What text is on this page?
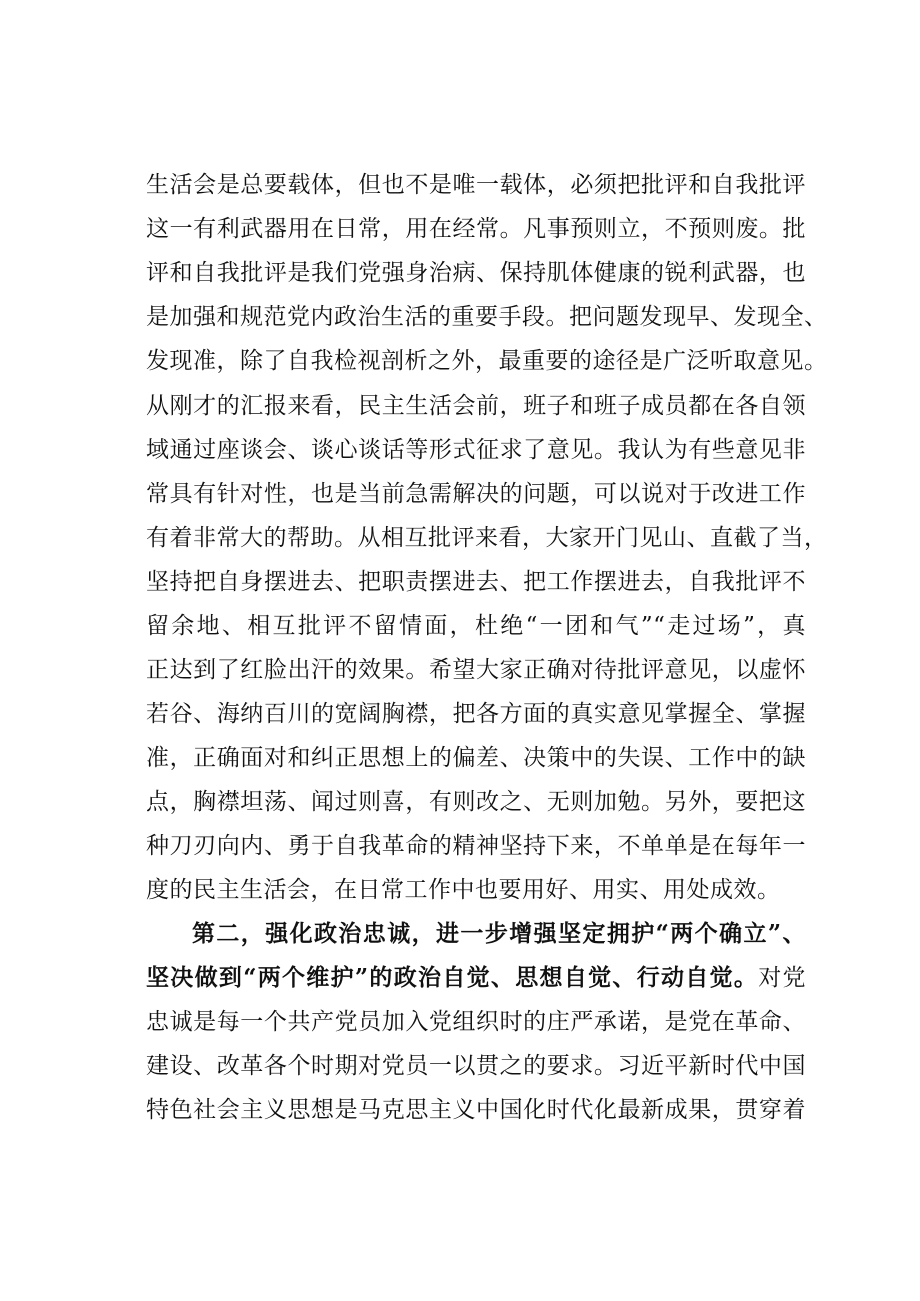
生活会是总要载体，但也不是唯一载体，必须把批评和自我批评
这一有利武器用在日常，用在经常。凡事预则立，不预则废。批
评和自我批评是我们党强身治病、保持肌体健康的锐利武器，也
是加强和规范党内政治生活的重要手段。把问题发现早、发现全、
发现准，除了自我检视剖析之外，最重要的途径是广泛听取意见。
从刚才的汇报来看，民主生活会前，班子和班子成员都在各自领
域通过座谈会、谈心谈话等形式征求了意见。我认为有些意见非
常具有针对性，也是当前急需解决的问题，可以说对于改进工作
有着非常大的帮助。从相互批评来看，大家开门见山、直截了当，
坚持把自身摆进去、把职责摆进去、把工作摆进去，自我批评不
留余地、相互批评不留情面，杜绝“一团和气”“走过场”，真
正达到了红脸出汗的效果。希望大家正确对待批评意见，以虚怀
若谷、海纳百川的宽阔胸襟，把各方面的真实意见掌握全、掌握
准，正确面对和纠正思想上的偏差、决策中的失误、工作中的缺
点，胸襟坦荡、闻过则喜，有则改之、无则加勉。另外，要把这
种刀刃向内、勇于自我革命的精神坚持下来，不单单是在每年一
度的民主生活会，在日常工作中也要用好、用实、用处成效。
第二，强化政治忠诚，进一步增强坚定拥护“两个确立”、
坚决做到“两个维护”的政治自觉、思想自觉、行动自觉。对党
忠诚是每一个共产党员加入党组织时的庄严承诺，是党在革命、
建设、改革各个时期对党员一以贯之的要求。习近平新时代中国
特色社会主义思想是马克思主义中国化时代化最新成果，贯穿着
